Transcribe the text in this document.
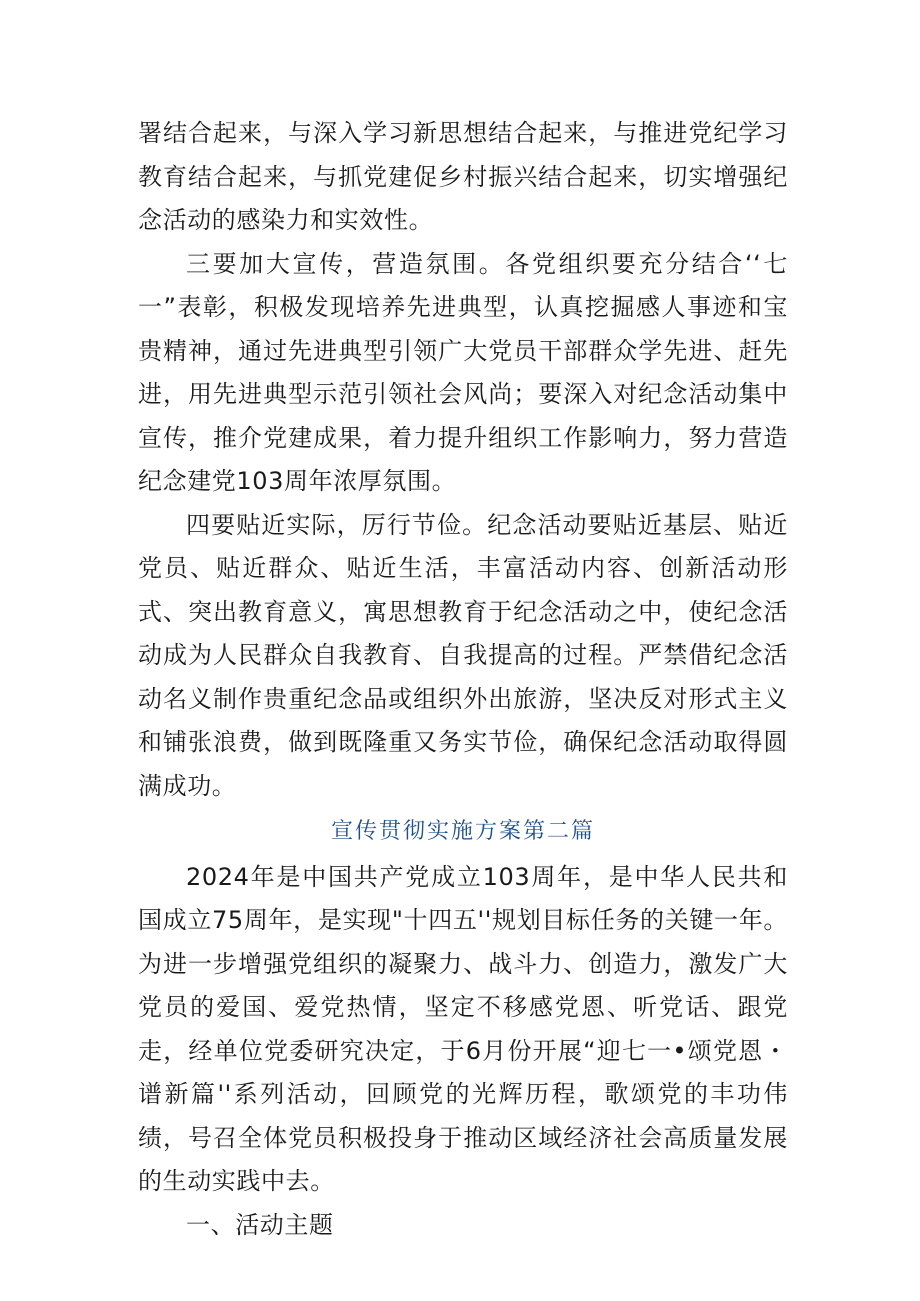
署结合起来，与深入学习新思想结合起来，与推进党纪学习教育结合起来，与抓党建促乡村振兴结合起来，切实增强纪念活动的感染力和实效性。

三要加大宣传，营造氛围。各党组织要充分结合‘‘七一”表彰，积极发现培养先进典型，认真挖掘感人事迹和宝贵精神，通过先进典型引领广大党员干部群众学先进、赶先进，用先进典型示范引领社会风尚；要深入对纪念活动集中宣传，推介党建成果，着力提升组织工作影响力，努力营造纪念建党103周年浓厚氛围。

四要贴近实际，厉行节俭。纪念活动要贴近基层、贴近党员、贴近群众、贴近生活，丰富活动内容、创新活动形式、突出教育意义，寓思想教育于纪念活动之中，使纪念活动成为人民群众自我教育、自我提高的过程。严禁借纪念活动名义制作贵重纪念品或组织外出旅游，坚决反对形式主义和铺张浪费，做到既隆重又务实节俭，确保纪念活动取得圆满成功。

宣传贯彻实施方案第二篇

2024年是中国共产党成立103周年，是中华人民共和国成立75周年，是实现"十四五''规划目标任务的关键一年。为进一步增强党组织的凝聚力、战斗力、创造力，激发广大党员的爱国、爱党热情，坚定不移感党恩、听党话、跟党走，经单位党委研究决定，于6月份开展“迎七一•颂党恩・谱新篇''系列活动，回顾党的光辉历程，歌颂党的丰功伟绩，号召全体党员积极投身于推动区域经济社会高质量发展的生动实践中去。

一、活动主题
